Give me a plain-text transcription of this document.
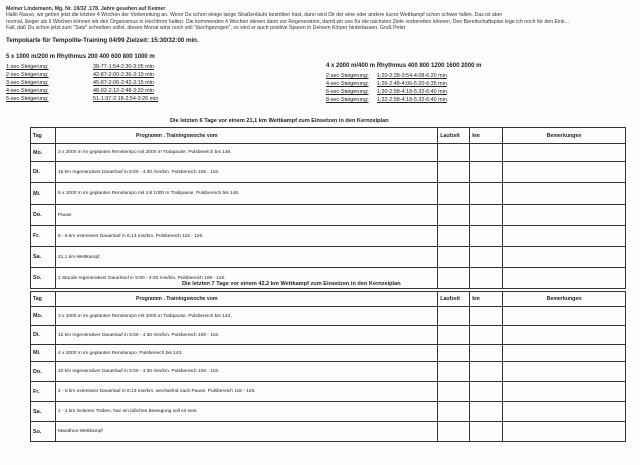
Meiner Lindemann, Mg. Nr. 19/32 .178. Jahre gesehen auf Keimer
Hallo Rasso, wir gehen jetzt die letzten 4 Wochen der Vorbereitung an. Wenn Du schon einige lange Straßenläufe bestritten hast, dann wird Dir der eine oder andere kurze Wettkampf schon schwer fallen. Das ist aber
normal, länger als 6 Wochen können wir den Organismus in Hochform halten. Die kommenden 4 Wochen dienen dann zur Regeneration, damit wir uns für die nächsten Ziele vorbereiten können. Den Bereitschaftsplan lege ich noch für den Eink...
Fall, daß Du schon jetzt zum "Satz" schreiben sollst, diesen Monat wirst noch voll "durchgezogen", so wird er auch positive Spuren in Deinem Körper hinterlassen. Gruß Peter
Tempokarte für Tempolite-Training 04/99 Zielzeit: 15:30/32:00 min.
5 x 1000 m/200 m Rhythmus 200 400 600 800 1000 m
1-sec-Steigerung:	38-77-1:54-2:30-3:05 min
2-sec-Steigerung:	42-87-2:00-2:36-3:10 min
3-sec-Steigerung:	45-87-2:06-2:42-3:15 min
4-sec-Steigerung:	48-92-2:12-2:48-3:20 min
5-sec-Steigerung:	51-1:37-2:18-2:54-3:26 min
4 x 2000 m/400 m Rhythmus 400 800 1200 1600 2000 m
2-sec-Steigerung: 1:20-2:38-3:54-4:08-6:20 min
4-sec-Steigerung: 1:26-2:48-4:06-5:20-6:35 min
6-sec-Steigerung: 1:30-2:58-4:18-5:32-6:40 min
8-sec-Steigerung: 1:32-2:58-4:18-5:32-6:40 min
Die letzten 6 Tage vor einem 21,1 km Wettkampf zum Einsetzen in den Kernzeiplan
Tag	Programm . Trainingswoche vom	Laufzeit	km	Bemerkungen
Mo.	3 x 2000 m im geplanten Renntempo mit 2000 m Trabpause. Pulsbereich bis 146.			
Di.	15 km regenerativer Dauerlauf in 5:00 - 4:30 min/km. Pulsbereich 108 - 118.			
Mi.	5 x 1000 m im geplanten Renntempo mit mit 1000 m Trabpause. Pulsbereich bis 148.			
Do.	Pause			
Fr.	5 - 6 km extensiver Dauerlauf in 6:13 min/km. Pulsbereich 118 - 126.			
Sa.	21,1 km-Wettkampf.			
So.	1 Stunde regenerativer Dauerlauf in 5:00 - 4:30 min/km. Pulsbereich 108 - 118.			
Die letzten 7 Tage vor einem 42,2 km Wettkampf zum Einsetzen in den Kernzeiplan
Tag	Programm . Trainingswoche vom	Laufzeit	km	Bemerkungen
Mo.	3 x 1000 m im geplanten Renntempo mit 1000 m Trabpause. Pulsbereich bis 143.			
Di.	12 km regenerativer Dauerlauf in 5:00 - 4:30 min/km. Pulsbereich 108 - 118.			
Mi.	4 x 2000 m im geplanten Renntempo. Pulsbereich bis 143.			
Do.	10 km regenerativer Dauerlauf in 5:00 - 4:30 min/km. Pulsbereich 108 - 118.			
Fr.	2 - 5 km extensiver Dauerlauf in 6:13 min/km. wechselnd nach Pause. Pulsbereich 118 - 126.			
Sa.	1 - 2 km lockeres Traben. Nur ein bißchen Bewegung soll es sein.			
So.	Marathon-Wettkampf			
